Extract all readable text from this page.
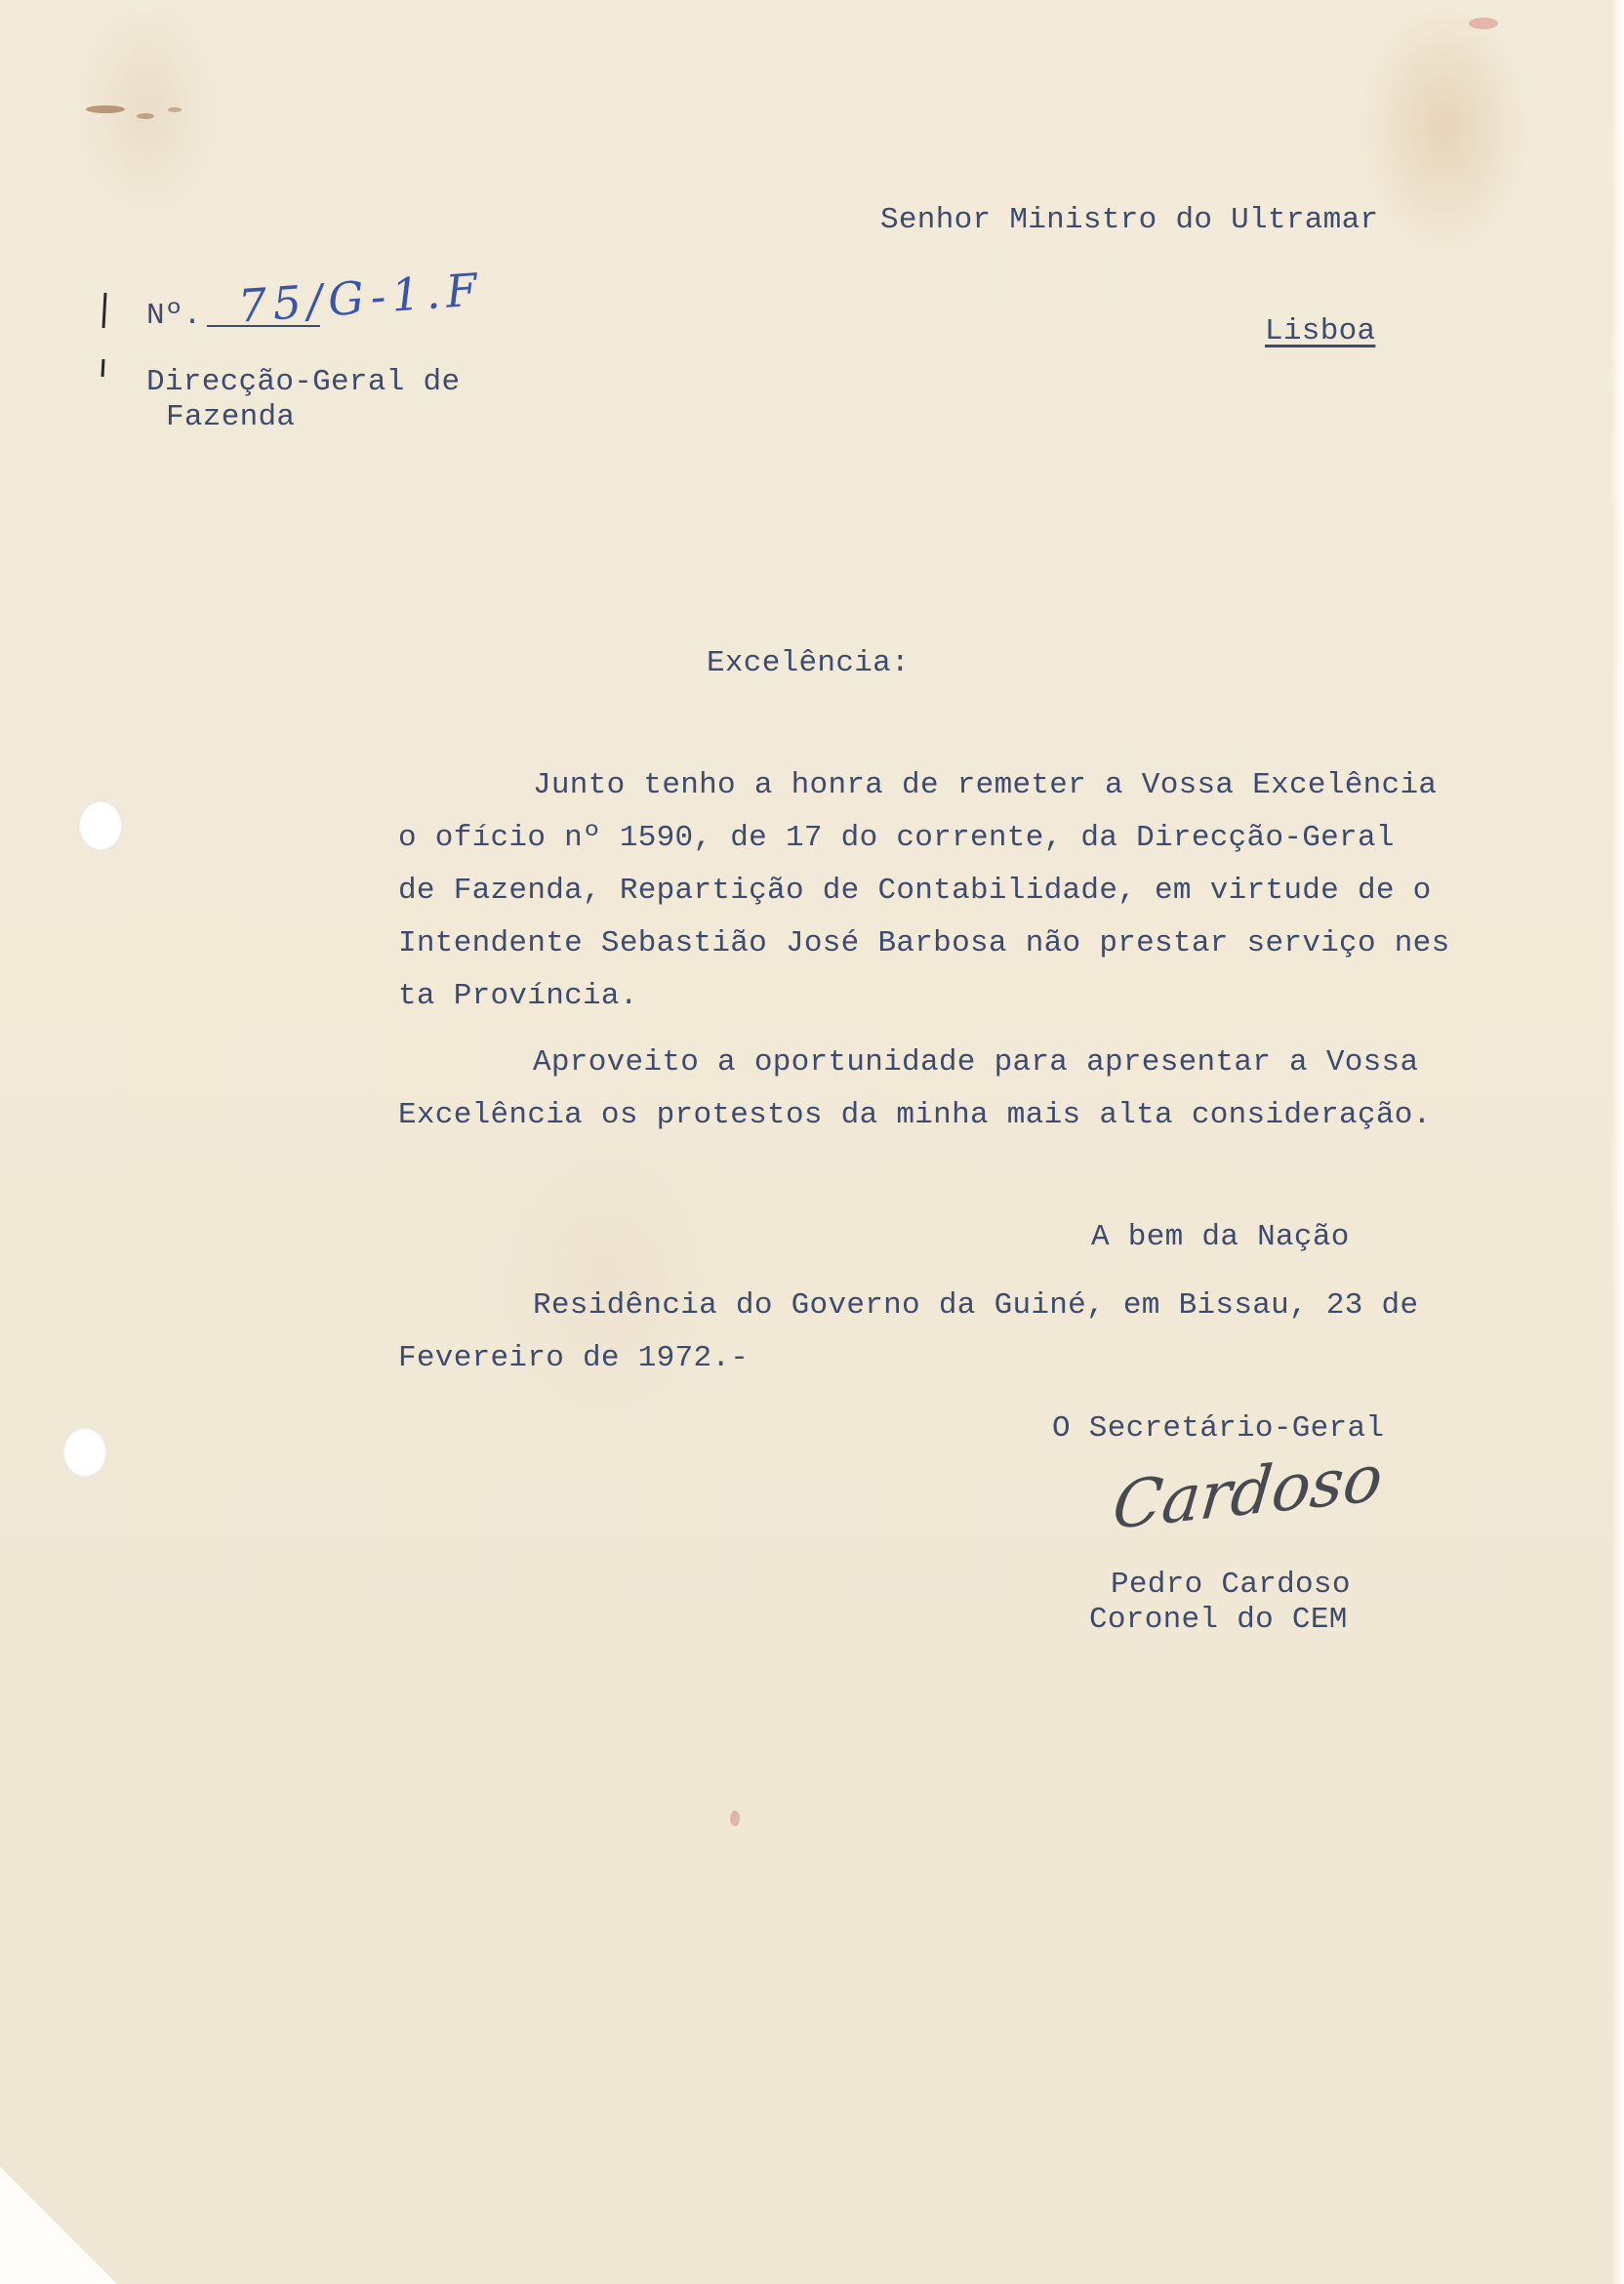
Senhor Ministro do Ultramar
Lisboa
Nº. 75/G-1.F
Direcção-Geral de
Fazenda
Excelência:
Junto tenho a honra de remeter a Vossa Excelência
o ofício nº 1590, de 17 do corrente, da Direcção-Geral
de Fazenda, Repartição de Contabilidade, em virtude de o
Intendente Sebastião José Barbosa não prestar serviço nes
ta Província.
Aproveito a oportunidade para apresentar a Vossa
Excelência os protestos da minha mais alta consideração.
A bem da Nação
Residência do Governo da Guiné, em Bissau, 23 de
Fevereiro de 1972.-
O Secretário-Geral
Cardoso
Pedro Cardoso
Coronel do CEM
